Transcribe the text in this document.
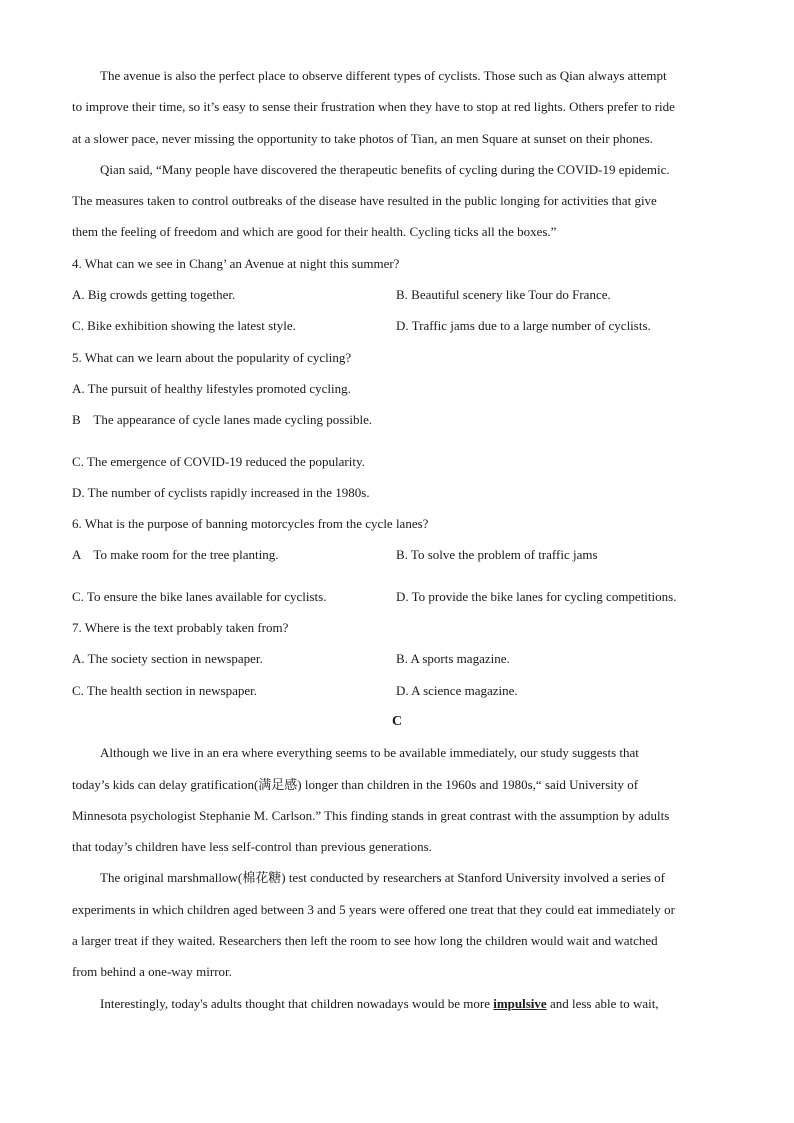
The avenue is also the perfect place to observe different types of cyclists. Those such as Qian always attempt
to improve their time, so it’s easy to sense their frustration when they have to stop at red lights. Others prefer to ride
at a slower pace, never missing the opportunity to take photos of Tian, an men Square at sunset on their phones.
Qian said, “Many people have discovered the therapeutic benefits of cycling during the COVID-19 epidemic.
The measures taken to control outbreaks of the disease have resulted in the public longing for activities that give
them the feeling of freedom and which are good for their health. Cycling ticks all the boxes.”
4. What can we see in Chang’ an Avenue at night this summer?
A. Big crowds getting together.	B. Beautiful scenery like Tour do France.
C. Bike exhibition showing the latest style.	D. Traffic jams due to a large number of cyclists.
5. What can we learn about the popularity of cycling?
A. The pursuit of healthy lifestyles promoted cycling.
B    The appearance of cycle lanes made cycling possible.
C. The emergence of COVID-19 reduced the popularity.
D. The number of cyclists rapidly increased in the 1980s.
6. What is the purpose of banning motorcycles from the cycle lanes?
A    To make room for the tree planting.	B. To solve the problem of traffic jams
C. To ensure the bike lanes available for cyclists.	D. To provide the bike lanes for cycling competitions.
7. Where is the text probably taken from?
A. The society section in newspaper.	B. A sports magazine.
C. The health section in newspaper.	D. A science magazine.
C
Although we live in an era where everything seems to be available immediately, our study suggests that
today’s kids can delay gratification(满足感) longer than children in the 1960s and 1980s,“ said University of
Minnesota psychologist Stephanie M. Carlson.” This finding stands in great contrast with the assumption by adults
that today’s children have less self-control than previous generations.
The original marshmallow(棉花糖) test conducted by researchers at Stanford University involved a series of
experiments in which children aged between 3 and 5 years were offered one treat that they could eat immediately or
a larger treat if they waited. Researchers then left the room to see how long the children would wait and watched
from behind a one-way mirror.
Interestingly, today's adults thought that children nowadays would be more impulsive and less able to wait,
